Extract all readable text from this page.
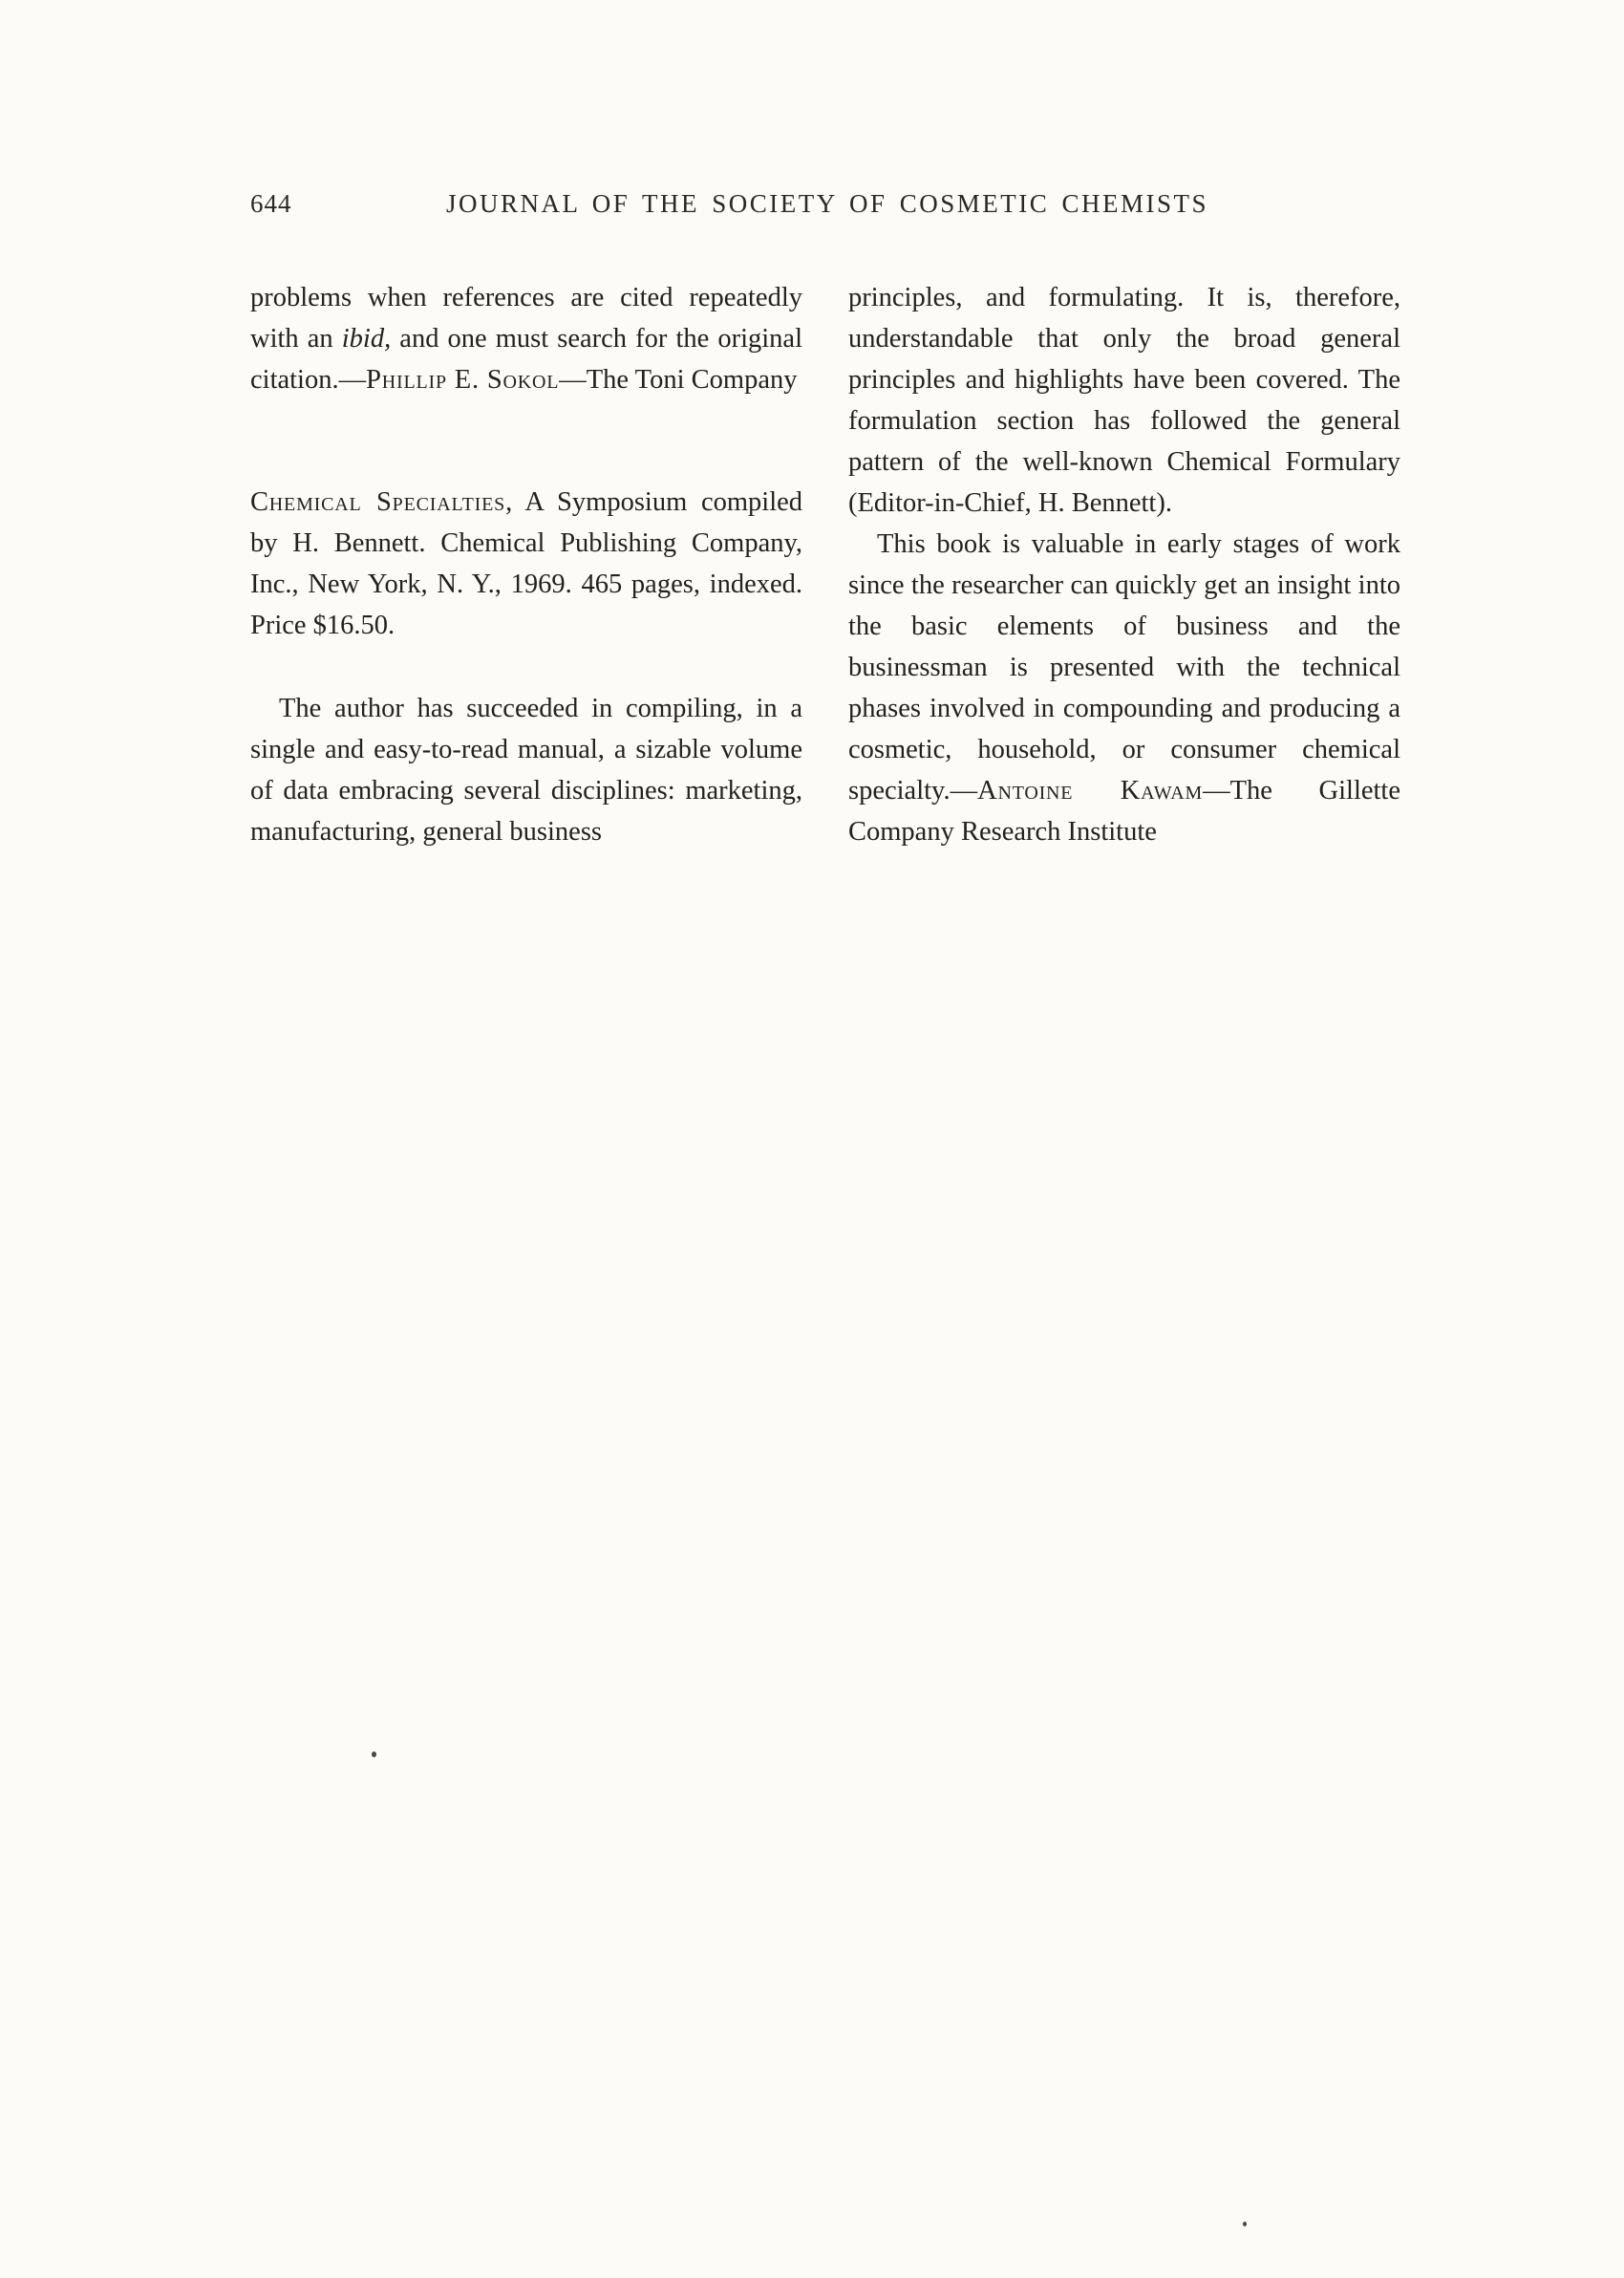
644	JOURNAL OF THE SOCIETY OF COSMETIC CHEMISTS

problems when references are cited repeatedly with an ibid, and one must search for the original citation.—Phillip E. Sokol—The Toni Company

Chemical Specialties, A Symposium compiled by H. Bennett. Chemical Publishing Company, Inc., New York, N. Y., 1969. 465 pages, indexed. Price $16.50.

The author has succeeded in compiling, in a single and easy-to-read manual, a sizable volume of data embracing several disciplines: marketing, manufacturing, general business

principles, and formulating. It is, therefore, understandable that only the broad general principles and highlights have been covered. The formulation section has followed the general pattern of the well-known Chemical Formulary (Editor-in-Chief, H. Bennett).

This book is valuable in early stages of work since the researcher can quickly get an insight into the basic elements of business and the businessman is presented with the technical phases involved in compounding and producing a cosmetic, household, or consumer chemical specialty.—Antoine Kawam—The Gillette Company Research Institute
